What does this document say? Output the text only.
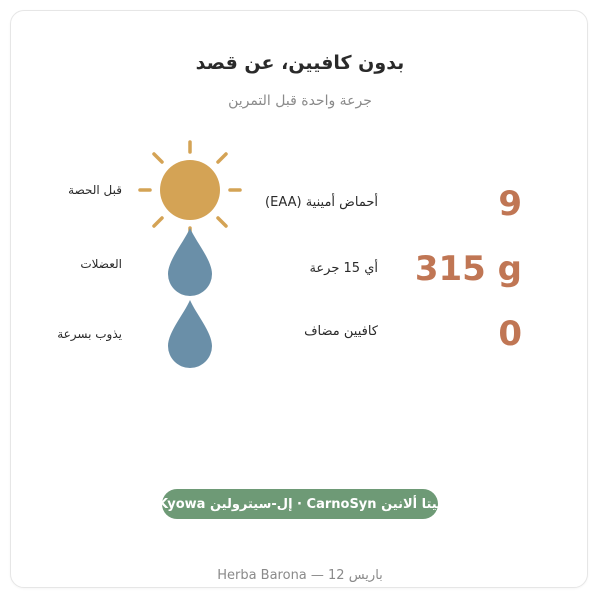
بدون كافيين، عن قصد
جرعة واحدة قبل التمرين
قبل الحصة
العضلات
يذوب بسرعة
أحماض أمينية (EAA)
أي 15 جرعة
كافيين مضاف
9
315 g
0
بيتا ألانين CarnoSyn · إل-سيترولين Kyowa
Herba Barona — 12 باريس
